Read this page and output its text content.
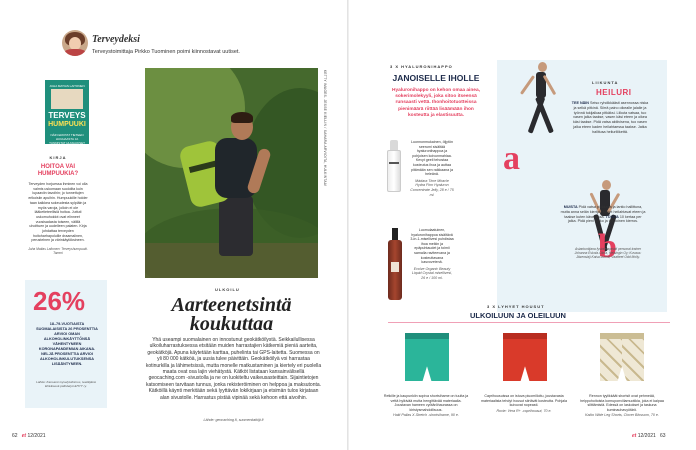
Terveydeksi
Terveystoimittaja Pirkko Tuominen poimi kiinnostavat uutiset.
JUHA MATIAS LAITONEN
TERVEYS
HUMPUUKI
NÄIN EROTAT TIETEEN HUUHAASTA JA TUNNISTAT HUIJAUKSET
KIRJA
HOITOA VAI HUMPUUKIA?
Terveyden horjuessa ihminen voi olla valmis uskomaan suoloilta kuin lupaaviin tavoihin; jo tunnettujen erikoisiin apuihin. Humpuukille holder taan kaikkea sokeudesta sylpiäin ja myös varoja, jolloin ei ole lääketieteellisiä hoitoa. Juttuti uskomuhoidot ovat elinneet vuosisadasta toiseen, välillä uhoittuen ja uudelleen palaten. Kirja johdattaa terveyden hoitoharhapoluille draamalinen, perustelnen ja värinkäytöksineen.
Juha Matias Laitonen: Terveyshumpuuki. Tammi
26%
18–79-VUOTIAISTA SUOMALAISISTA 26 PROSENTTIA ARVIOI OMAN ALKOHOLINKÄYTTÖNSÄ VÄHENTYNEEN KORONAPANDEMIAN AIKANA. NELJÄ PROSENTTIA ARVIOI ALKOHOLINKULUTUKSENSA LISÄÄNTYNEEN.
Lähde: Kansanin kyselytutkimus, teetätjänä Ehkäisevä päihdetyö EHYT ry.
KETTY IMAGES. JESSE KIELLIN / SAHARA ARVIOITA, HULKINTAA!
ULKOILU
Aarteenetsintä
koukuttaa
Yhä useampi suomalainen on innostunut geokätköilystä. Seikkailullisessa ulkoiluharrastuksessa etsitään muiden harrastajien kätkemiä pieniä aarteita, geokätköjä. Apuna käytetään karttaa, puhelinta tai GPS-laitetta. Suomessa on yli 80 000 kätköä, ja uusia tulee päivittäin. Geokätköilyä voi harrastaa kotinurkilla ja lähimetsissä, mutta monelle matkustaminen ja kiertely eri puolella maata ovat osa lajin viehätystä. Kätköt listataan kansainvälisellä geocaching.com -sivustolla ja ne on luokiteltu vaikeusasteittain. Sijaintietojen katsomiseen tarvitaan tunnus, jonka rekisteröiminen on helppoa ja maksutonta. Kätköillä käynti merkitään sekä lyyttävän lokikirjaan ja etsimän tulos kirjataan alan sivustolle. Harrastus pistää vipinää sekä kehoon että aivoihin.
Lähde: geocaching.fi, suomenkatkijt.fi
62 et 12/2021	et 12/2021 63
3 X HYALURONIHAPPO
JANOISELLE IHOLLE
Hyaluronihappo on kehon omaa ainea, sokerimolekyyli, joka sitoo itseensä runsaasti vettä. Ihonhoitotuotteissa pienimäärä riittää lisäämään ihon kosteutta ja elastisuutta.
Luonnonmukainen, öljytön seerumi sisältää hyaluronihappoa ja pohjoisen koivunmahlaa. Kevyt geeli tehostaa kosteutus ihoa ja auttaa pitämään sen raikkaana ja heleänä.
Mádara Time Miracle Hydra Firm Hyaluron Concentrate Jelly, 28 e / 75 ml.
Luomulaatuinen, hyaluronihappoa sisältävä 3-in-1-misellivesi puhdistaa ihoa meikin ja epäpuhtaudet ja toimii samalla raviteevana ja kosteuttavana kasvovetenä.
Evolve Organic Beauty Liquid Crystal misellivesi, 26 e / 100 ml.
a
b
LIIKUNTA
HEILURI
TEE NÄIN Seiso ryhdikkäästi asennossa niska ja selkä pitkinä. Siirrä paino oikealle jalalle ja työnnä tukijalkaa pitkäksi. Liikuta vatsaa, tuo vasen jalka taakse, vasen käsi eteen ja oikea käsi taakse. Pidä vatsa aktiivisena, tuo vasen jalka eteen kaden heilahtaessa taakse. Jatka hallitusa heiluriliikettä.
MUISTA Pidä vatsa piukkana ja lantio hallittuna, mutta anna selän kiertyä. Kädet heilahtavat eteen ja taakse kuten kävellessä. TOISTA 10 kertaa per jalka. Pidä pieni tauko ja tee toinen kierros.
Asiantuntijana fysioterapeutti personal trainer Johanna Eskola-Olma, Helsingin Oy; Kuvaus: Jäsenslaji Kaisa Juuhti, Vaatteet Odd Molly.
3 X LYHYET HOUSUT
ULKOILUUN JA OLEILUUN
Retkille ja kaupunkiin sopiva shortsihame on tuulta ja vettä hylkivää mutta hengittävää materiaalia. Joustavan hameen vyötäröhaurassa on kiristysmahdollisuus.
Halti Pallas X-Stretch -shortsihame, 90 e.
Caprihousuissa on istuva piuomilloitu, joustavasta materiaalista tehdyt housut siirtävät kosteutta. Pohjala kuivuvat nopeasti.
Roxie: Vera R+ -caprihousut, 70 e.
Rennon tyylikkäät shortsit ovat pehmeää, helppohoitoista kornuponviilamuotikia, joka ei kaipaa silittämistä. Edessä on laskokset ja taskuna kuminauhavyötärö.
Kaiko Wide Leg Shorts, Clover Blossom, 70 e.
